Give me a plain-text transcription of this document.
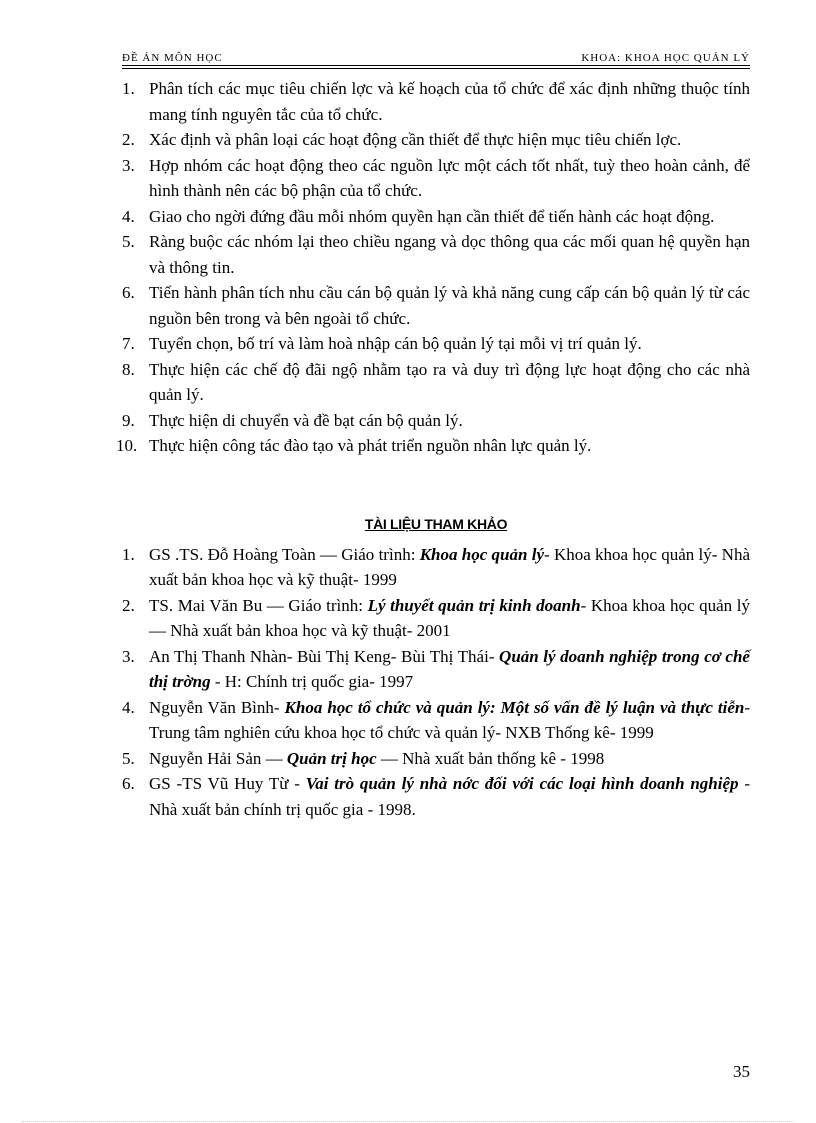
ĐỀ ÁN MÔN HỌC	KHOA: KHOA HỌC QUẢN LÝ
1. Phân tích các mục tiêu chiến lợc và kế hoạch của tổ chức để xác định những thuộc tính mang tính nguyên tắc của tổ chức.
2. Xác định và phân loại các hoạt động cần thiết để thực hiện mục tiêu chiến lợc.
3. Hợp nhóm các hoạt động theo các nguồn lực một cách tốt nhất, tuỳ theo hoàn cảnh, để hình thành nên các bộ phận của tổ chức.
4. Giao cho ngời đứng đầu mỗi nhóm quyền hạn cần thiết để tiến hành các hoạt động.
5. Ràng buộc các nhóm lại theo chiều ngang và dọc thông qua các mối quan hệ quyền hạn và thông tin.
6. Tiến hành phân tích nhu cầu cán bộ quản lý và khả năng cung cấp cán bộ quản lý từ các nguồn bên trong và bên ngoài tổ chức.
7. Tuyển chọn, bố trí và làm hoà nhập cán bộ quản lý tại mỗi vị trí quản lý.
8. Thực hiện các chế độ đãi ngộ nhằm tạo ra và duy trì động lực hoạt động cho các nhà quản lý.
9. Thực hiện di chuyển và đề bạt cán bộ quản lý.
10. Thực hiện công tác đào tạo và phát triển nguồn nhân lực quản lý.
TÀI LIỆU THAM KHẢO
1. GS .TS. Đỗ Hoàng Toàn — Giáo trình: Khoa học quản lý- Khoa khoa học quản lý- Nhà xuất bản khoa học và kỹ thuật- 1999
2. TS. Mai Văn Bu — Giáo trình: Lý thuyết quản trị kinh doanh- Khoa khoa học quản lý — Nhà xuất bản khoa học và kỹ thuật- 2001
3. An Thị Thanh Nhàn- Bùi Thị Keng- Bùi Thị Thái- Quản lý doanh nghiệp trong cơ chế thị trờng - H: Chính trị quốc gia- 1997
4. Nguyễn Văn Bình- Khoa học tổ chức và quản lý: Một số vấn đề lý luận và thực tiễn- Trung tâm nghiên cứu khoa học tổ chức và quản lý- NXB Thống kê- 1999
5. Nguyễn Hải Sản — Quản trị học — Nhà xuất bản thống kê - 1998
6. GS -TS Vũ Huy Từ - Vai trò quản lý nhà nớc đối với các loại hình doanh nghiệp - Nhà xuất bản chính trị quốc gia - 1998.
35
